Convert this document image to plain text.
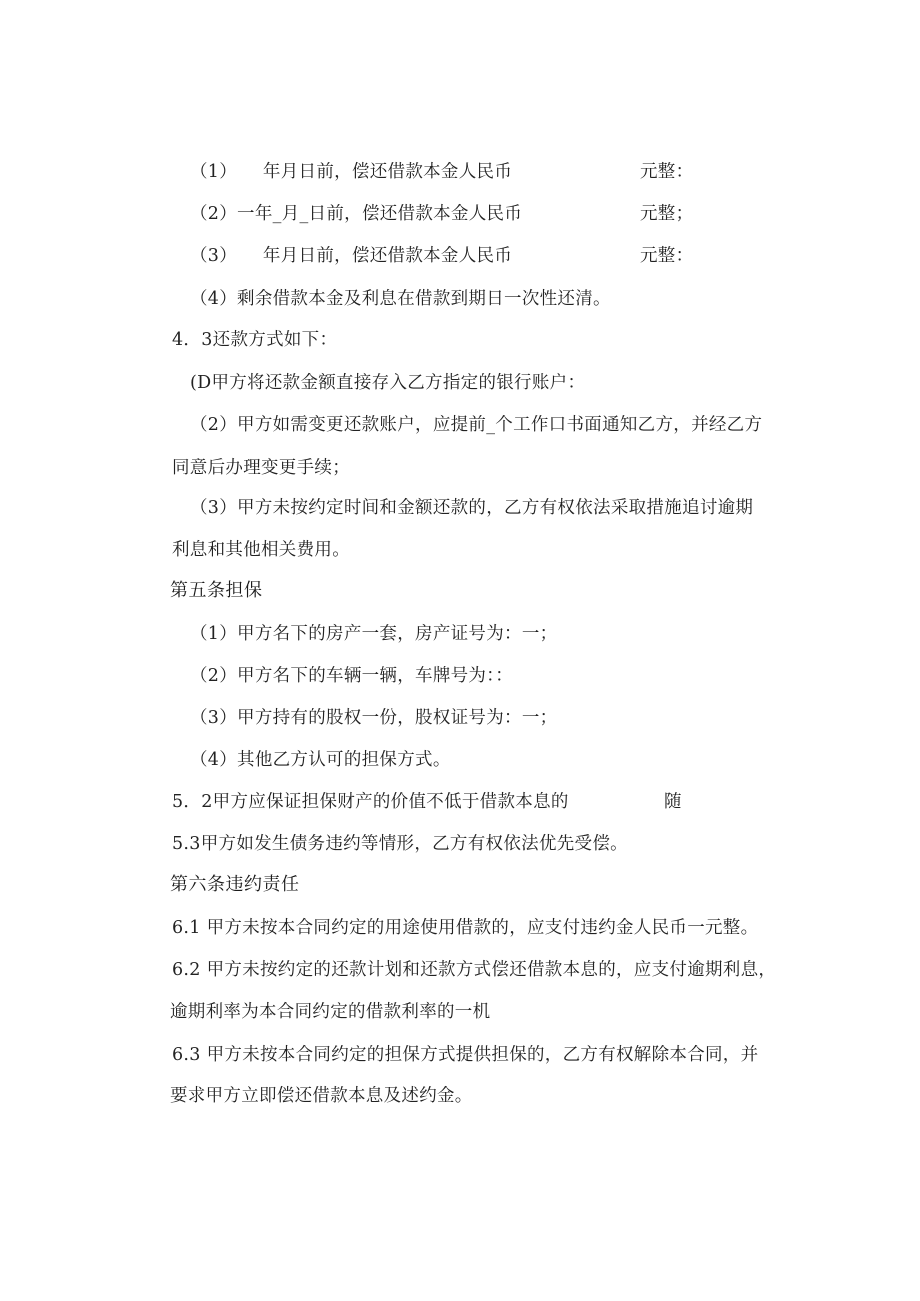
（1） 年月日前，偿还借款本金人民币	元整：
（2）一年_月_日前，偿还借款本金人民币	元整；
（3） 年月日前，偿还借款本金人民币	元整：
（4）剩余借款本金及利息在借款到期日一次性还清。
4．3还款方式如下：
(D甲方将还款金额直接存入乙方指定的银行账户：
（2）甲方如需变更还款账户，应提前_个工作口书面通知乙方，并经乙方
同意后办理变更手续；
（3）甲方未按约定时间和金额还款的，乙方有权依法采取措施追讨逾期
利息和其他相关费用。
第五条担保
（1）甲方名下的房产一套，房产证号为：一；
（2）甲方名下的车辆一辆，车牌号为：：
（3）甲方持有的股权一份，股权证号为：一；
（4）其他乙方认可的担保方式。
5．2甲方应保证担保财产的价值不低于借款本息的	随
5.3甲方如发生债务违约等情形，乙方有权依法优先受偿。
第六条违约责任
6.1 甲方未按本合同约定的用途使用借款的，应支付违约金人民币一元整。
6.2 甲方未按约定的还款计划和还款方式偿还借款本息的，应支付逾期利息，
逾期利率为本合同约定的借款利率的一机
6.3 甲方未按本合同约定的担保方式提供担保的，乙方有权解除本合同，并
要求甲方立即偿还借款本息及述约金。
